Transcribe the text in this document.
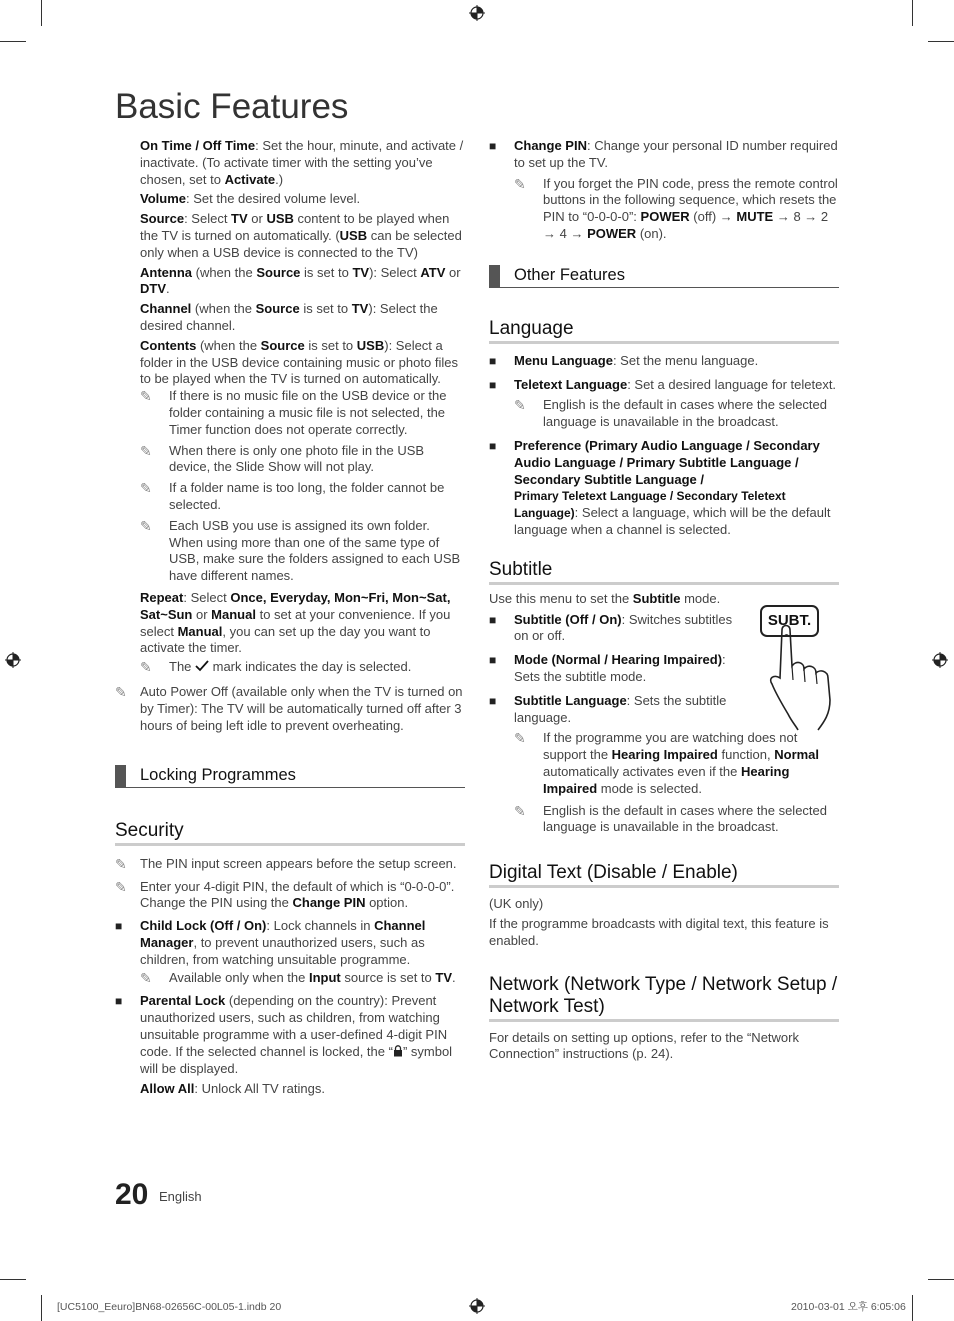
Basic Features

On Time / Off Time: Set the hour, minute, and activate / inactivate. (To activate timer with the setting you’ve chosen, set to Activate.)

Volume: Set the desired volume level.

Source: Select TV or USB content to be played when the TV is turned on automatically. (USB can be selected only when a USB device is connected to the TV)

Antenna (when the Source is set to TV): Select ATV or DTV.

Channel (when the Source is set to TV): Select the desired channel.

Contents (when the Source is set to USB): Select a folder in the USB device containing music or photo files to be played when the TV is turned on automatically.

✎	If there is no music file on the USB device or the folder containing a music file is not selected, the Timer function does not operate correctly.
✎	When there is only one photo file in the USB device, the Slide Show will not play.
✎	If a folder name is too long, the folder cannot be selected.
✎	Each USB you use is assigned its own folder. When using more than one of the same type of USB, make sure the folders assigned to each USB have different names.

Repeat: Select Once, Everyday, Mon~Fri, Mon~Sat, Sat~Sun or Manual to set at your convenience. If you select Manual, you can set up the day you want to activate the timer.

✎	The  mark indicates the day is selected.
✎	Auto Power Off (available only when the TV is turned on by Timer): The TV will be automatically turned off after 3 hours of being left idle to prevent overheating.
Locking Programmes
Security
✎	The PIN input screen appears before the setup screen.
✎	Enter your 4-digit PIN, the default of which is “0-0-0-0”. Change the PIN using the Change PIN option.
■	Child Lock (Off / On): Lock channels in Channel Manager, to prevent unauthorized users, such as children, from watching unsuitable programme.
✎	Available only when the Input source is set to TV.
■	Parental Lock (depending on the country): Prevent unauthorized users, such as children, from watching unsuitable programme with a user-defined 4-digit PIN code. If the selected channel is locked, the “ ” symbol will be displayed.

Allow All: Unlock All TV ratings.

■	Change PIN: Change your personal ID number required to set up the TV.
✎	If you forget the PIN code, press the remote control buttons in the following sequence, which resets the PIN to “0-0-0-0”: POWER (off) → MUTE → 8 → 2 → 4 → POWER (on).
Other Features
Language
■	Menu Language: Set the menu language.
■	Teletext Language: Set a desired language for teletext.
✎	English is the default in cases where the selected language is unavailable in the broadcast.
■	Preference (Primary Audio Language / Secondary Audio Language / Primary Subtitle Language / Secondary Subtitle Language /
Primary Teletext Language / Secondary Teletext Language): Select a language, which will be the default language when a channel is selected.
Subtitle

Use this menu to set the Subtitle mode.

■	Subtitle (Off / On): Switches subtitles on or off.
■	Mode (Normal / Hearing Impaired): Sets the subtitle mode.
■	Subtitle Language: Sets the subtitle language.
✎	If the programme you are watching does not support the Hearing Impaired function, Normal automatically activates even if the Hearing Impaired mode is selected.
✎	English is the default in cases where the selected language is unavailable in the broadcast.
Digital Text (Disable / Enable)

(UK only)

If the programme broadcasts with digital text, this feature is enabled.

Network (Network Type / Network Setup / Network Test)

For details on setting up options, refer to the “Network Connection” instructions (p. 24).

SUBT.
20 English
[UC5100_Eeuro]BN68-02656C-00L05-1.indb 20	2010-03-01 오후 6:05:06
